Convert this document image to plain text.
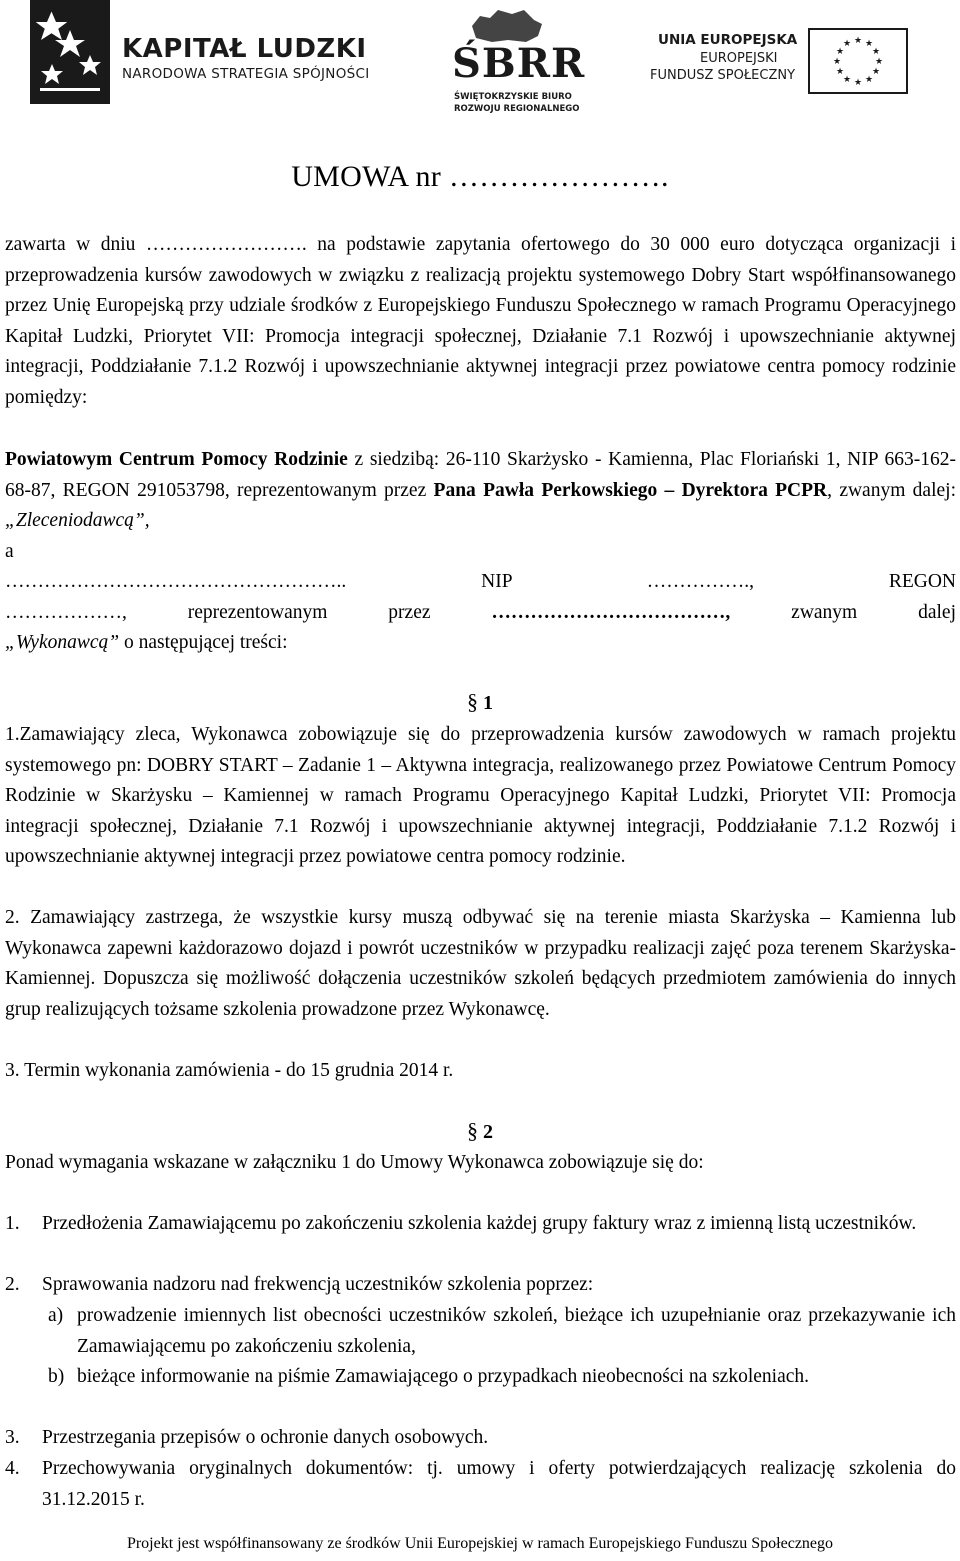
KAPITAŁ LUDZKI
NARODOWA STRATEGIA SPÓJNOŚCI ŚBRR
ŚWIĘTOKRZYSKIE BIURO
ROZWOJU REGIONALNEGO
UNIA EUROPEJSKA
EUROPEJSKI
FUNDUSZ SPOŁECZNY
★ ★
★
★
★
★
★
★
★
★
★
★
UMOWA nr ………………….

zawarta w dniu ……………………. na podstawie zapytania ofertowego do 30 000 euro dotycząca organizacji i przeprowadzenia kursów zawodowych w związku z realizacją projektu systemowego Dobry Start współfinansowanego przez Unię Europejską przy udziale środków z Europejskiego Funduszu Społecznego w ramach Programu Operacyjnego Kapitał Ludzki, Priorytet VII: Promocja integracji społecznej, Działanie 7.1 Rozwój i upowszechnianie aktywnej integracji, Poddziałanie 7.1.2 Rozwój i upowszechnianie aktywnej integracji przez powiatowe centra pomocy rodzinie pomiędzy:

Powiatowym Centrum Pomocy Rodzinie z siedzibą: 26-110 Skarżysko - Kamienna, Plac Floriański 1, NIP 663-162-68-87, REGON 291053798, reprezentowanym przez Pana Pawła Perkowskiego – Dyrektora PCPR, zwanym dalej: „Zleceniodawcą”,
a
…………………………………………….. NIP ……………., REGON
………………, reprezentowanym przez ………………………………, zwanym dalej
„Wykonawcą” o następującej treści:
§ 1

1.Zamawiający zleca, Wykonawca zobowiązuje się do przeprowadzenia kursów zawodowych w ramach projektu systemowego pn: DOBRY START – Zadanie 1 – Aktywna integracja, realizowanego przez Powiatowe Centrum Pomocy Rodzinie w Skarżysku – Kamiennej w ramach Programu Operacyjnego Kapitał Ludzki, Priorytet VII: Promocja integracji społecznej, Działanie 7.1 Rozwój i upowszechnianie aktywnej integracji, Poddziałanie 7.1.2 Rozwój i upowszechnianie aktywnej integracji przez powiatowe centra pomocy rodzinie.

2. Zamawiający zastrzega, że wszystkie kursy muszą odbywać się na terenie miasta Skarżyska – Kamienna lub Wykonawca zapewni każdorazowo dojazd i powrót uczestników w przypadku realizacji zajęć poza terenem Skarżyska- Kamiennej. Dopuszcza się możliwość dołączenia uczestników szkoleń będących przedmiotem zamówienia do innych grup realizujących tożsame szkolenia prowadzone przez Wykonawcę.

3. Termin wykonania zamówienia - do 15 grudnia 2014 r.

§ 2

Ponad wymagania wskazane w załączniku 1 do Umowy Wykonawca zobowiązuje się do:

1. Przedłożenia Zamawiającemu po zakończeniu szkolenia każdej grupy faktury wraz z imienną listą uczestników.
2. Sprawowania nadzoru nad frekwencją uczestników szkolenia poprzez:
a) prowadzenie imiennych list obecności uczestników szkoleń, bieżące ich uzupełnianie oraz przekazywanie ich Zamawiającemu po zakończeniu szkolenia,
b) bieżące informowanie na piśmie Zamawiającego o przypadkach nieobecności na szkoleniach.
3. Przestrzegania przepisów o ochronie danych osobowych.
4. Przechowywania oryginalnych dokumentów: tj. umowy i oferty potwierdzających realizację szkolenia do 31.12.2015 r.
Projekt jest współfinansowany ze środków Unii Europejskiej w ramach Europejskiego Funduszu Społecznego
